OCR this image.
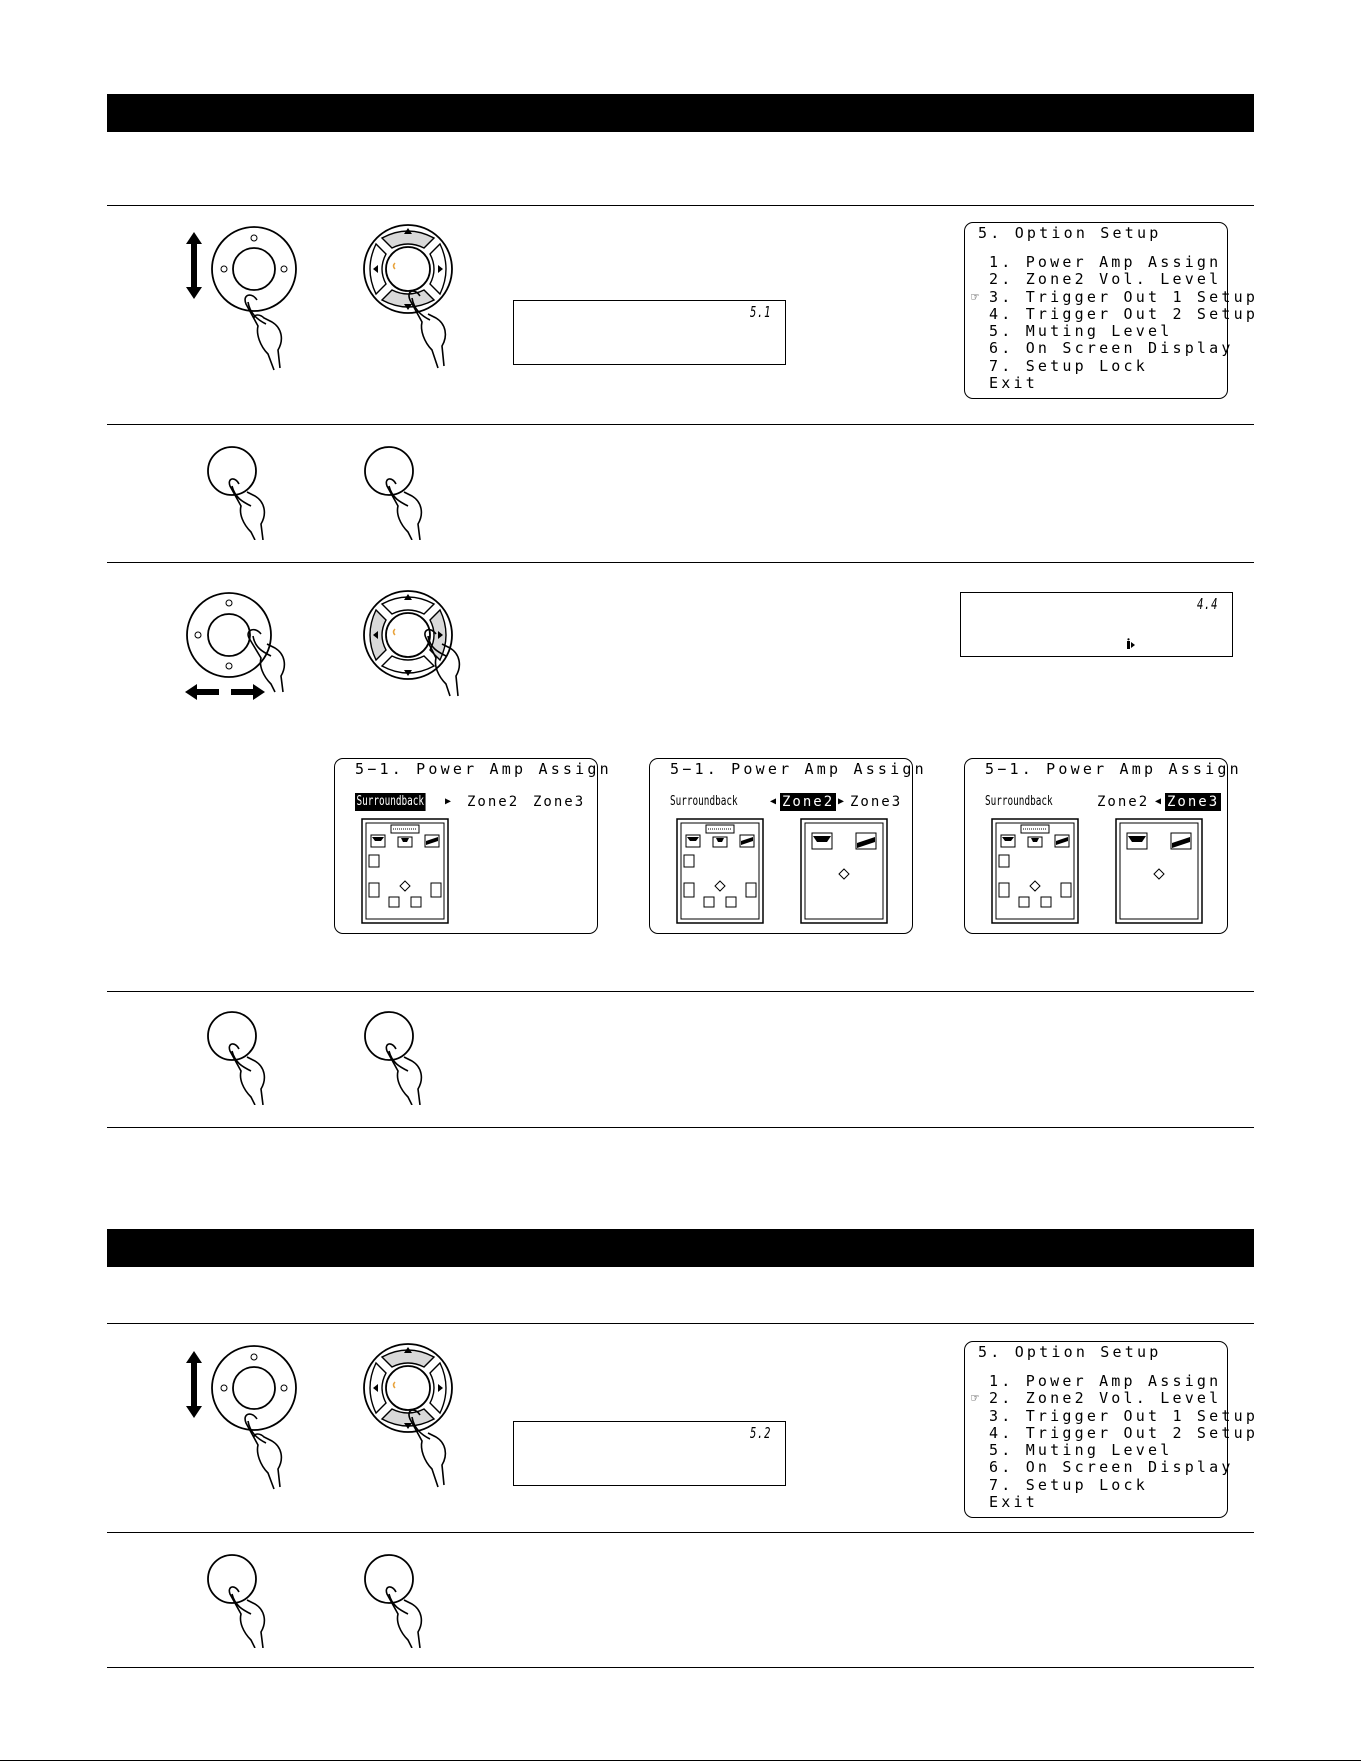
5.1
5. Option Setup
1. Power Amp Assign
2. Zone2 Vol. Level
☞ 3. Trigger Out 1 Setup
4. Trigger Out 2 Setup
5. Muting Level
6. On Screen Display
7. Setup Lock
Exit
4.4
5−1. Power Amp Assign
Surroundback ▶ Zone2 Zone3
5−1. Power Amp Assign
Surroundback	◀ Zone2 ▶ Zone3
5−1. Power Amp Assign
Surroundback	Zone2 ◀ Zone3
5.2
5. Option Setup
1. Power Amp Assign
☞ 2. Zone2 Vol. Level
3. Trigger Out 1 Setup
4. Trigger Out 2 Setup
5. Muting Level
6. On Screen Display
7. Setup Lock
Exit
